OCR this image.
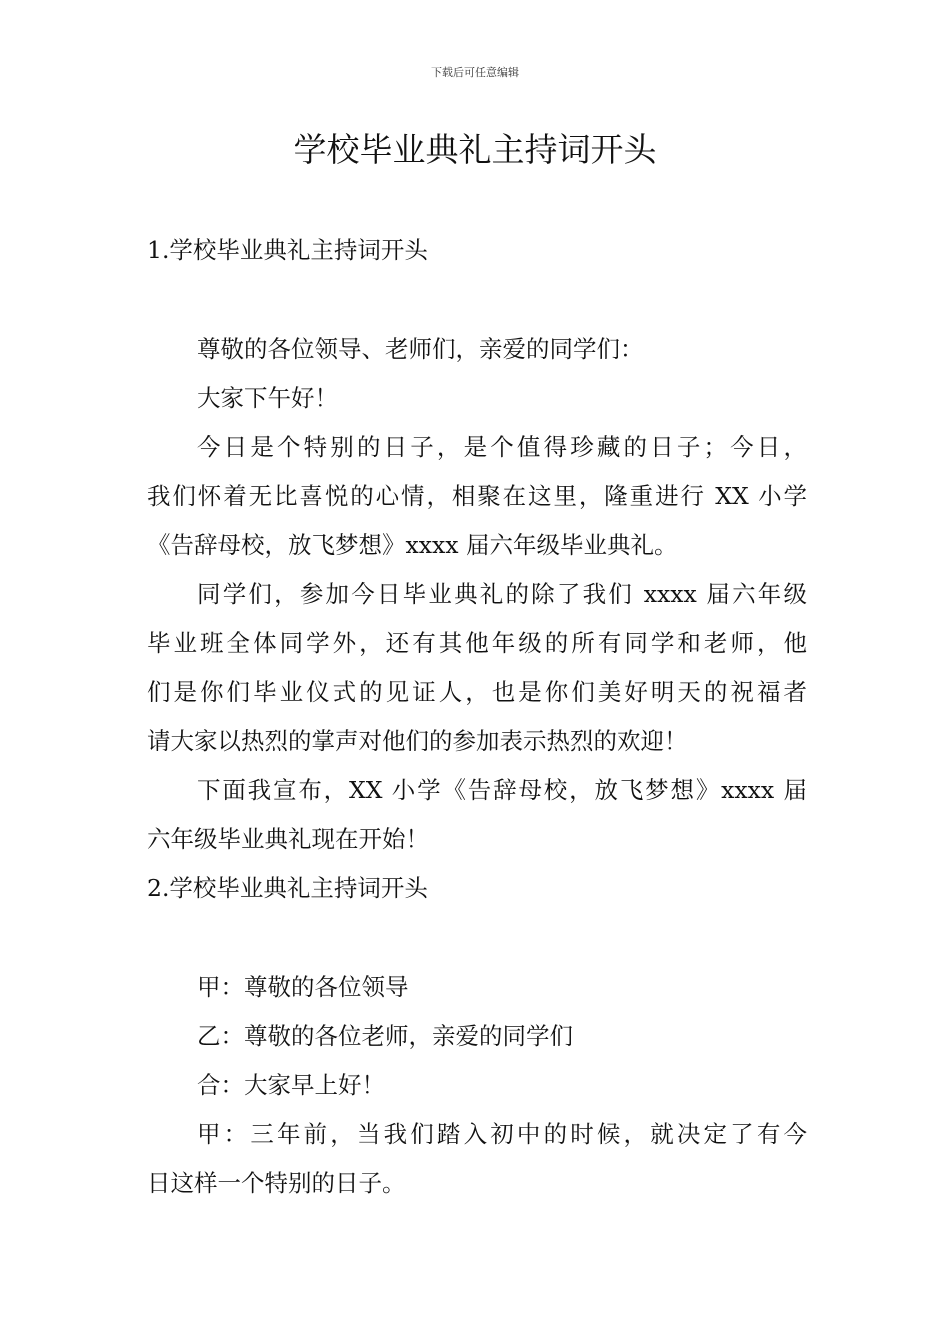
下载后可任意编辑
学校毕业典礼主持词开头
1.学校毕业典礼主持词开头
尊敬的各位领导、老师们，亲爱的同学们：
大家下午好！
今日是个特别的日子，是个值得珍藏的日子；今日，
我们怀着无比喜悦的心情，相聚在这里，隆重进行 XX 小学
《告辞母校，放飞梦想》xxxx 届六年级毕业典礼。
同学们，参加今日毕业典礼的除了我们 xxxx 届六年级
毕业班全体同学外，还有其他年级的所有同学和老师，他
们是你们毕业仪式的见证人，也是你们美好明天的祝福者
请大家以热烈的掌声对他们的参加表示热烈的欢迎！
下面我宣布，XX 小学《告辞母校，放飞梦想》xxxx 届
六年级毕业典礼现在开始！
2.学校毕业典礼主持词开头
甲：尊敬的各位领导
乙：尊敬的各位老师，亲爱的同学们
合：大家早上好！
甲：三年前，当我们踏入初中的时候，就决定了有今
日这样一个特别的日子。
